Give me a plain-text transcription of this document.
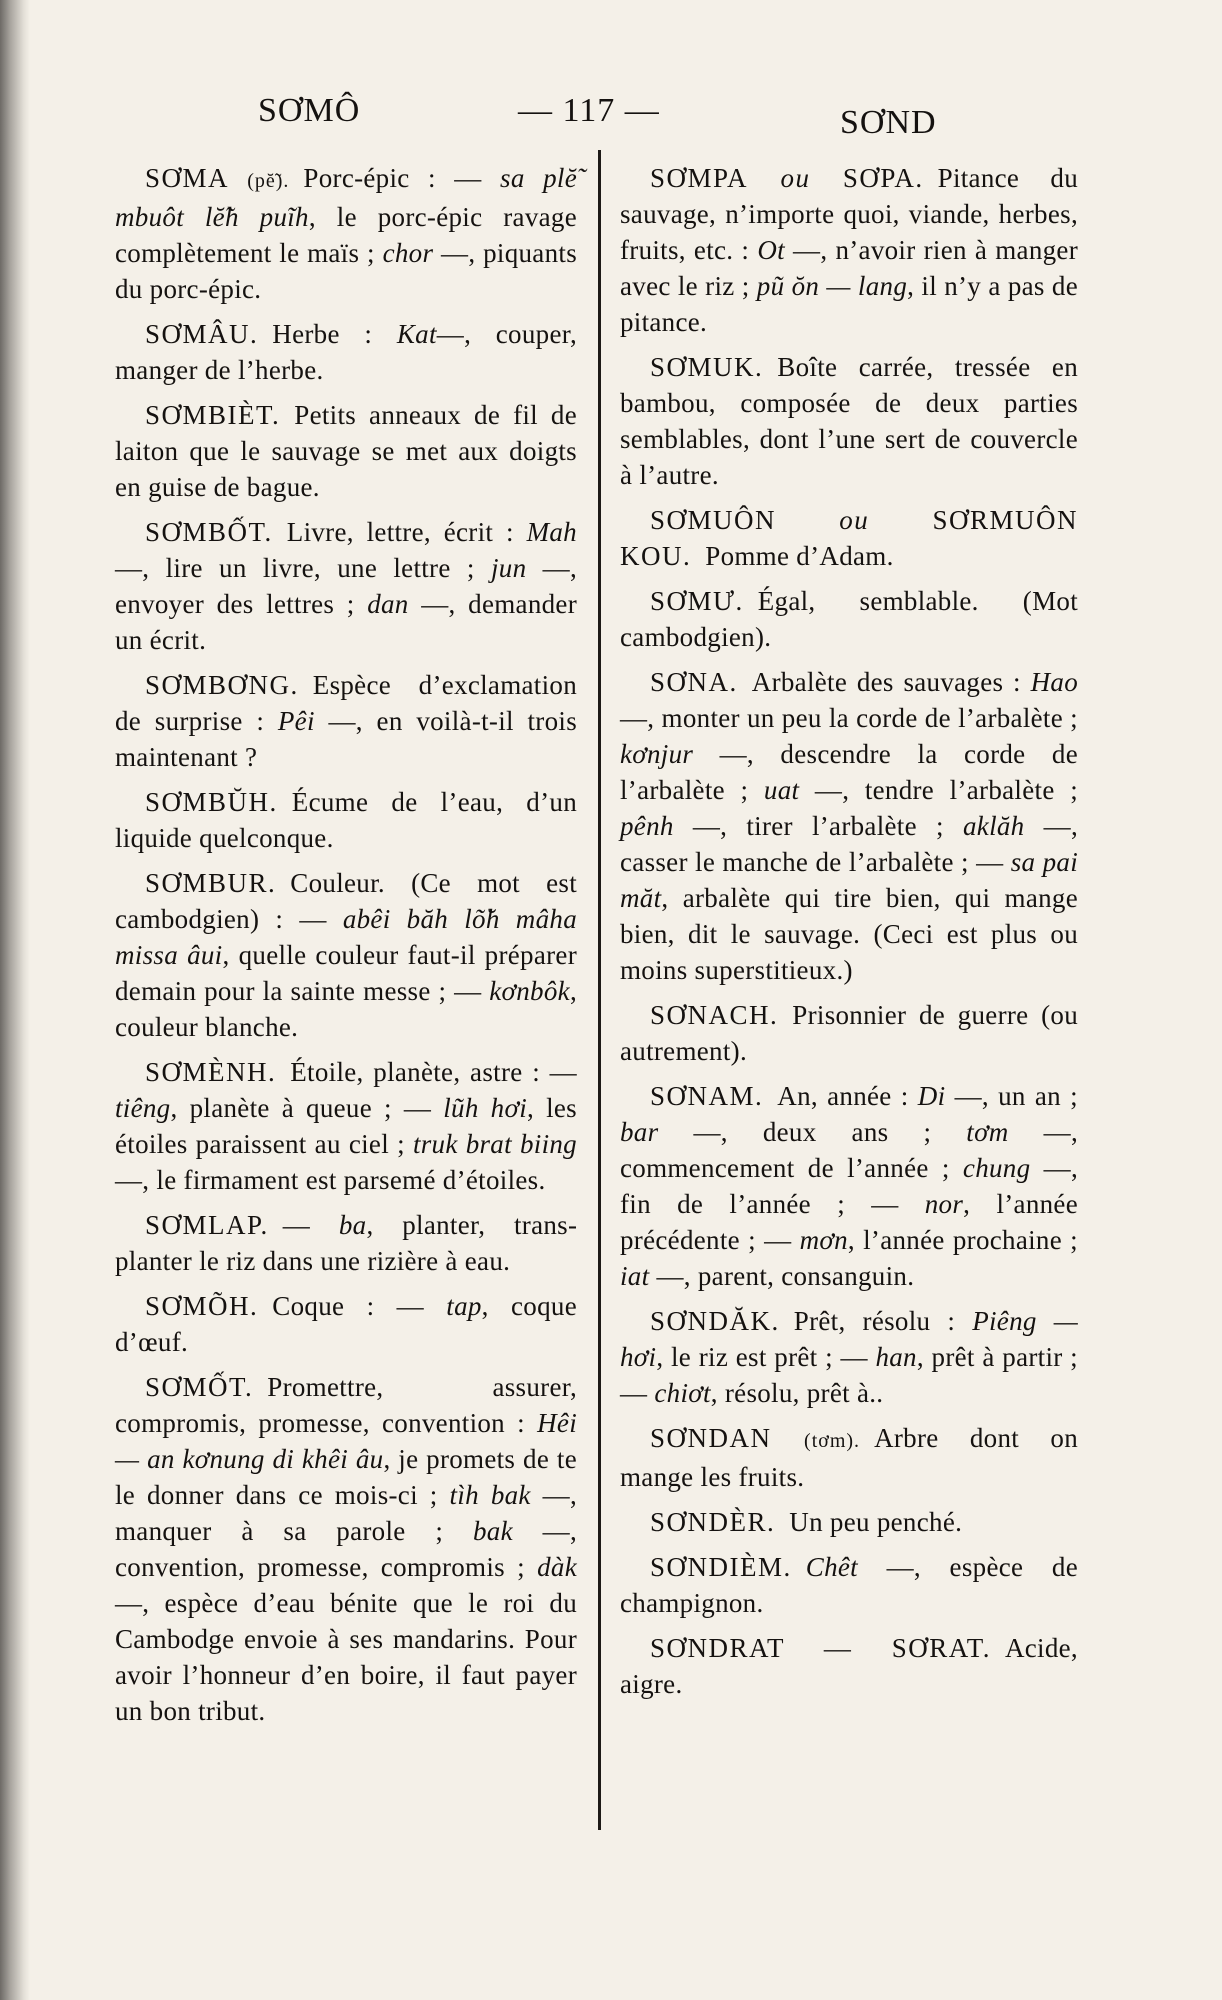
SƠMÔ	— 117 —	SƠND

SƠMA (pĕ̃). Porc-épic : — sa plĕ̃ mbuôt lĕ̃h puĩh, le porc-épic ravage complètement le maïs ; chor —, piquants du porc-épic.

SƠMÂU. Herbe : Kat—, couper, manger de l’herbe.

SƠMBIÈT. Petits anneaux de fil de laiton que le sauvage se met aux doigts en guise de bague.

SƠMBỐT. Livre, lettre, écrit : Mah —, lire un livre, une lettre ; jun —, envoyer des lettres ; dan —, demander un écrit.

SƠMBƠNG. Espèce d’exclamation de surprise : Pêi —, en voilà-t-il trois maintenant ?

SƠMBŬH. Écume de l’eau, d’un liquide quelconque.

SƠMBUR. Couleur. (Ce mot est cambodgien) : — abêi băh lõ̆h mâha missa âui, quelle couleur faut-il préparer demain pour la sainte messe ; — kơnbôk, couleur blanche.

SƠMÈNH. Étoile, planète, astre : — tiêng, planète à queue ; — lũh hơi, les étoiles paraissent au ciel ; truk brat biing —, le firmament est parsemé d’étoiles.

SƠMLAP. — ba, planter, transplanter le riz dans une rizière à eau.

SƠMÕH. Coque : — tap, coque d’œuf.

SƠMỐT. Promettre, assurer, compromis, promesse, convention : Hêi — an kơnung di khêi âu, je promets de te le donner dans ce mois-ci ; tìh bak —, manquer à sa parole ; bak —, convention, promesse, compromis ; dàk —, espèce d’eau bénite que le roi du Cambodge envoie à ses mandarins. Pour avoir l’honneur d’en boire, il faut payer un bon tribut.

SƠMPA ou SƠPA. Pitance du sauvage, n’importe quoi, viande, herbes, fruits, etc. : Ot —, n’avoir rien à manger avec le riz ; pũ ŏn — lang, il n’y a pas de pitance.

SƠMUK. Boîte carrée, tressée en bambou, composée de deux parties semblables, dont l’une sert de couvercle à l’autre.

SƠMUÔN ou SƠRMUÔN KOU. Pomme d’Adam.

SƠMƯ. Égal, semblable. (Mot cambodgien).

SƠNA. Arbalète des sauvages : Hao —, monter un peu la corde de l’arbalète ; kơnjur —, descendre la corde de l’arbalète ; uat —, tendre l’arbalète ; pênh —, tirer l’arbalète ; aklăh —, casser le manche de l’arbalète ; — sa pai măt, arbalète qui tire bien, qui mange bien, dit le sauvage. (Ceci est plus ou moins superstitieux.)

SƠNACH. Prisonnier de guerre (ou autrement).

SƠNAM. An, année : Di —, un an ; bar —, deux ans ; tơm —, commencement de l’année ; chung —, fin de l’année ; — nor, l’année précédente ; — mơn, l’année prochaine ; iat —, parent, consanguin.

SƠNDĂK. Prêt, résolu : Piêng — hơi, le riz est prêt ; — han, prêt à partir ; — chiơt, résolu, prêt à..

SƠNDAN (tơm). Arbre dont on mange les fruits.

SƠNDÈR. Un peu penché.

SƠNDIÈM. Chêt —, espèce de champignon.

SƠNDRAT — SƠRAT. Acide, aigre.
